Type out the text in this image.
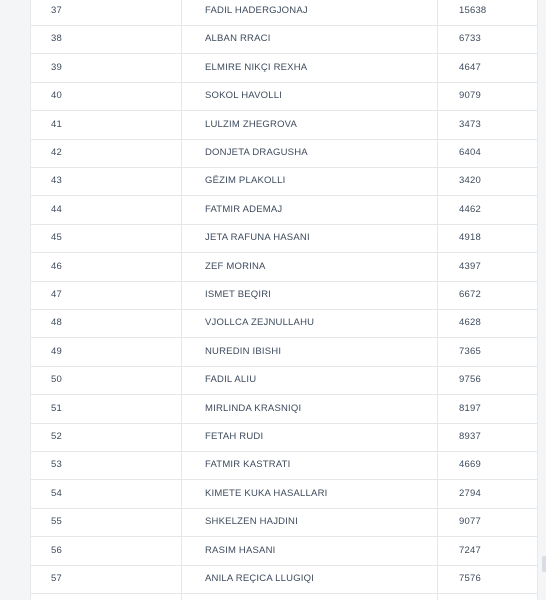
37	FADIL HADERGJONAJ	15638
38	ALBAN RRACI	6733
39	ELMIRE NIKÇI REXHA	4647
40	SOKOL HAVOLLI	9079
41	LULZIM ZHEGROVA	3473
42	DONJETA DRAGUSHA	6404
43	GËZIM PLAKOLLI	3420
44	FATMIR ADEMAJ	4462
45	JETA RAFUNA HASANI	4918
46	ZEF MORINA	4397
47	ISMET BEQIRI	6672
48	VJOLLCA ZEJNULLAHU	4628
49	NUREDIN IBISHI	7365
50	FADIL ALIU	9756
51	MIRLINDA KRASNIQI	8197
52	FETAH RUDI	8937
53	FATMIR KASTRATI	4669
54	KIMETE KUKA HASALLARI	2794
55	SHKELZEN HAJDINI	9077
56	RASIM HASANI	7247
57	ANILA REÇICA LLUGIQI	7576
